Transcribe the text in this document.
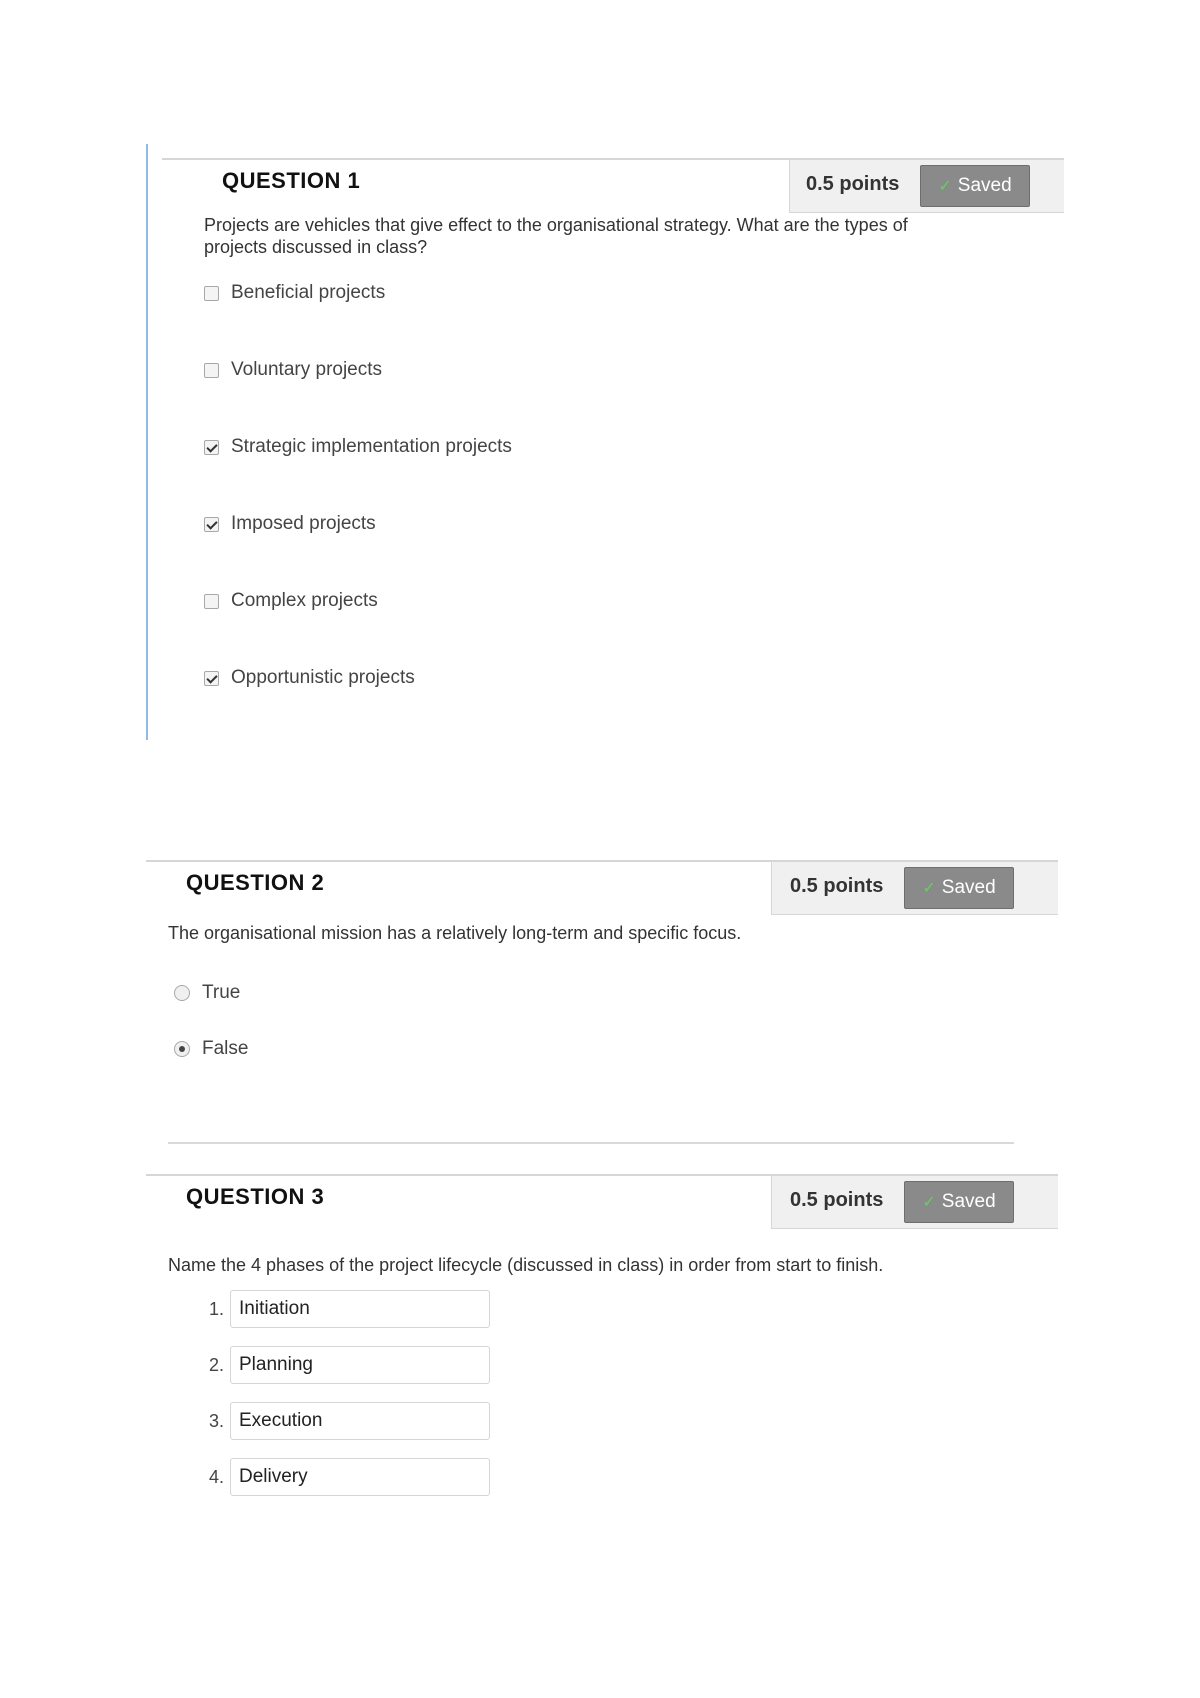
QUESTION 1	0.5 points ✓ Saved
Projects are vehicles that give effect to the organisational strategy. What are the types of projects discussed in class?
Beneficial projects
Voluntary projects
Strategic implementation projects
Imposed projects
Complex projects
Opportunistic projects
QUESTION 2	0.5 points ✓ Saved
The organisational mission has a relatively long-term and specific focus.
True
False
QUESTION 3	0.5 points ✓ Saved
Name the 4 phases of the project lifecycle (discussed in class) in order from start to finish.
1.
Initiation
2.
Planning
3.
Execution
4.
Delivery
